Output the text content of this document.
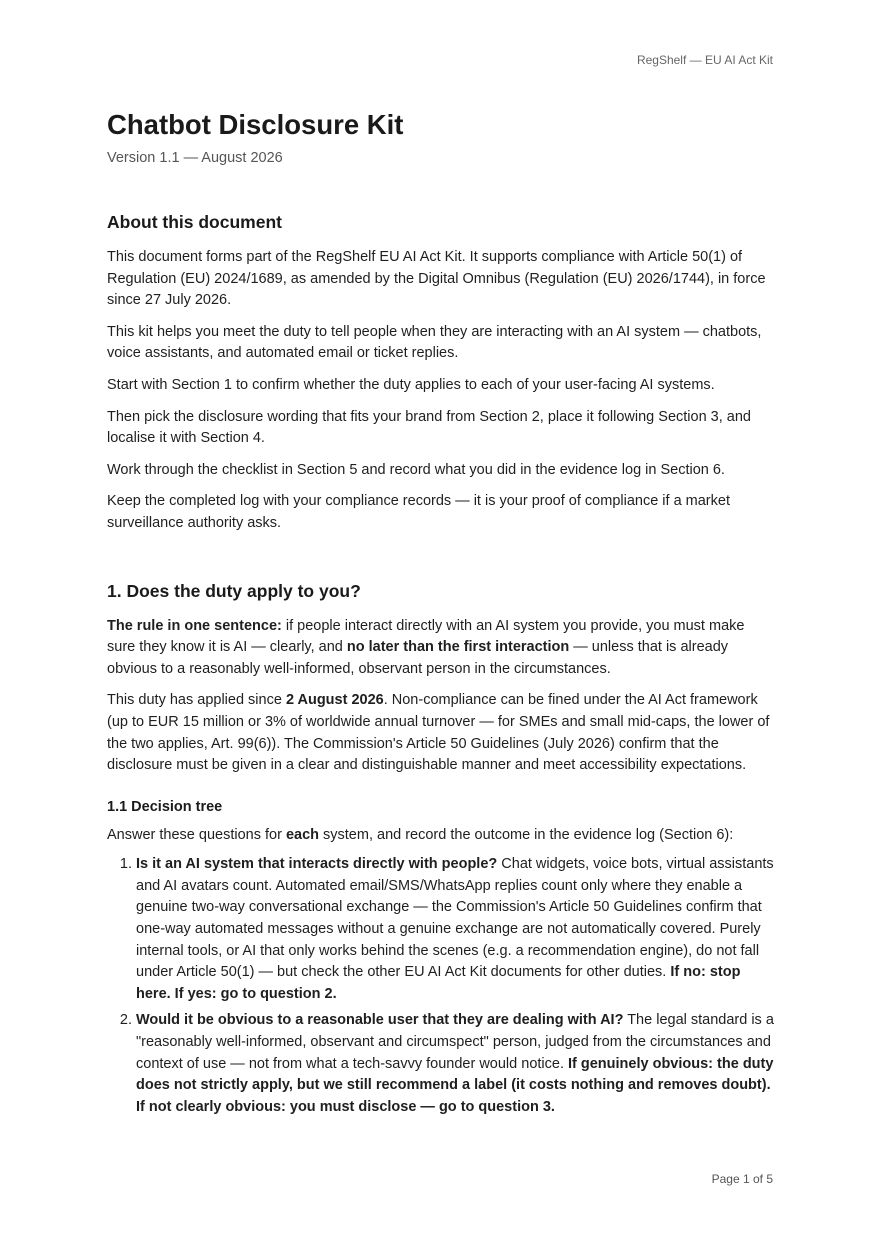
RegShelf — EU AI Act Kit
Chatbot Disclosure Kit
Version 1.1 — August 2026
About this document

This document forms part of the RegShelf EU AI Act Kit. It supports compliance with Article 50(1) of Regulation (EU) 2024/1689, as amended by the Digital Omnibus (Regulation (EU) 2026/1744), in force since 27 July 2026.

This kit helps you meet the duty to tell people when they are interacting with an AI system — chatbots, voice assistants, and automated email or ticket replies.

Start with Section 1 to confirm whether the duty applies to each of your user-facing AI systems.

Then pick the disclosure wording that fits your brand from Section 2, place it following Section 3, and localise it with Section 4.

Work through the checklist in Section 5 and record what you did in the evidence log in Section 6.

Keep the completed log with your compliance records — it is your proof of compliance if a market surveillance authority asks.

1. Does the duty apply to you?

The rule in one sentence: if people interact directly with an AI system you provide, you must make sure they know it is AI — clearly, and no later than the first interaction — unless that is already obvious to a reasonably well-informed, observant person in the circumstances.

This duty has applied since 2 August 2026. Non-compliance can be fined under the AI Act framework (up to EUR 15 million or 3% of worldwide annual turnover — for SMEs and small mid-caps, the lower of the two applies, Art. 99(6)). The Commission's Article 50 Guidelines (July 2026) confirm that the disclosure must be given in a clear and distinguishable manner and meet accessibility expectations.

1.1 Decision tree

Answer these questions for each system, and record the outcome in the evidence log (Section 6):

1. Is it an AI system that interacts directly with people? Chat widgets, voice bots, virtual assistants and AI avatars count. Automated email/SMS/WhatsApp replies count only where they enable a genuine two-way conversational exchange — the Commission's Article 50 Guidelines confirm that one-way automated messages without a genuine exchange are not automatically covered. Purely internal tools, or AI that only works behind the scenes (e.g. a recommendation engine), do not fall under Article 50(1) — but check the other EU AI Act Kit documents for other duties. If no: stop here. If yes: go to question 2.
2. Would it be obvious to a reasonable user that they are dealing with AI? The legal standard is a "reasonably well-informed, observant and circumspect" person, judged from the circumstances and context of use — not from what a tech-savvy founder would notice. If genuinely obvious: the duty does not strictly apply, but we still recommend a label (it costs nothing and removes doubt). If not clearly obvious: you must disclose — go to question 3.
Page 1 of 5
